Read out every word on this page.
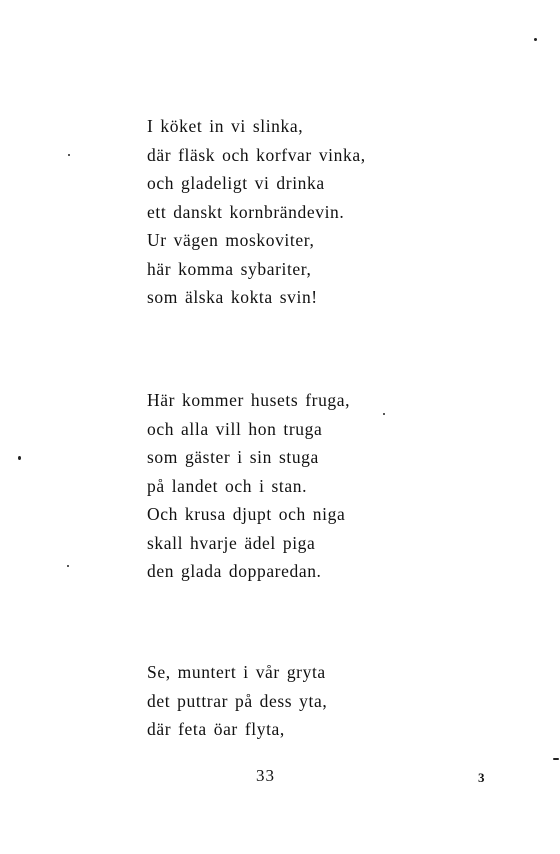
I köket in vi slinka,
där fläsk och korfvar vinka,
och gladeligt vi drinka
ett danskt kornbrändevin.
Ur vägen moskoviter,
här komma sybariter,
som älska kokta svin!
Här kommer husets fruga,
och alla vill hon truga
som gäster i sin stuga
på landet och i stan.
Och krusa djupt och niga
skall hvarje ädel piga
den glada dopparedan.
Se, muntert i vår gryta
det puttrar på dess yta,
där feta öar flyta,
33	3
